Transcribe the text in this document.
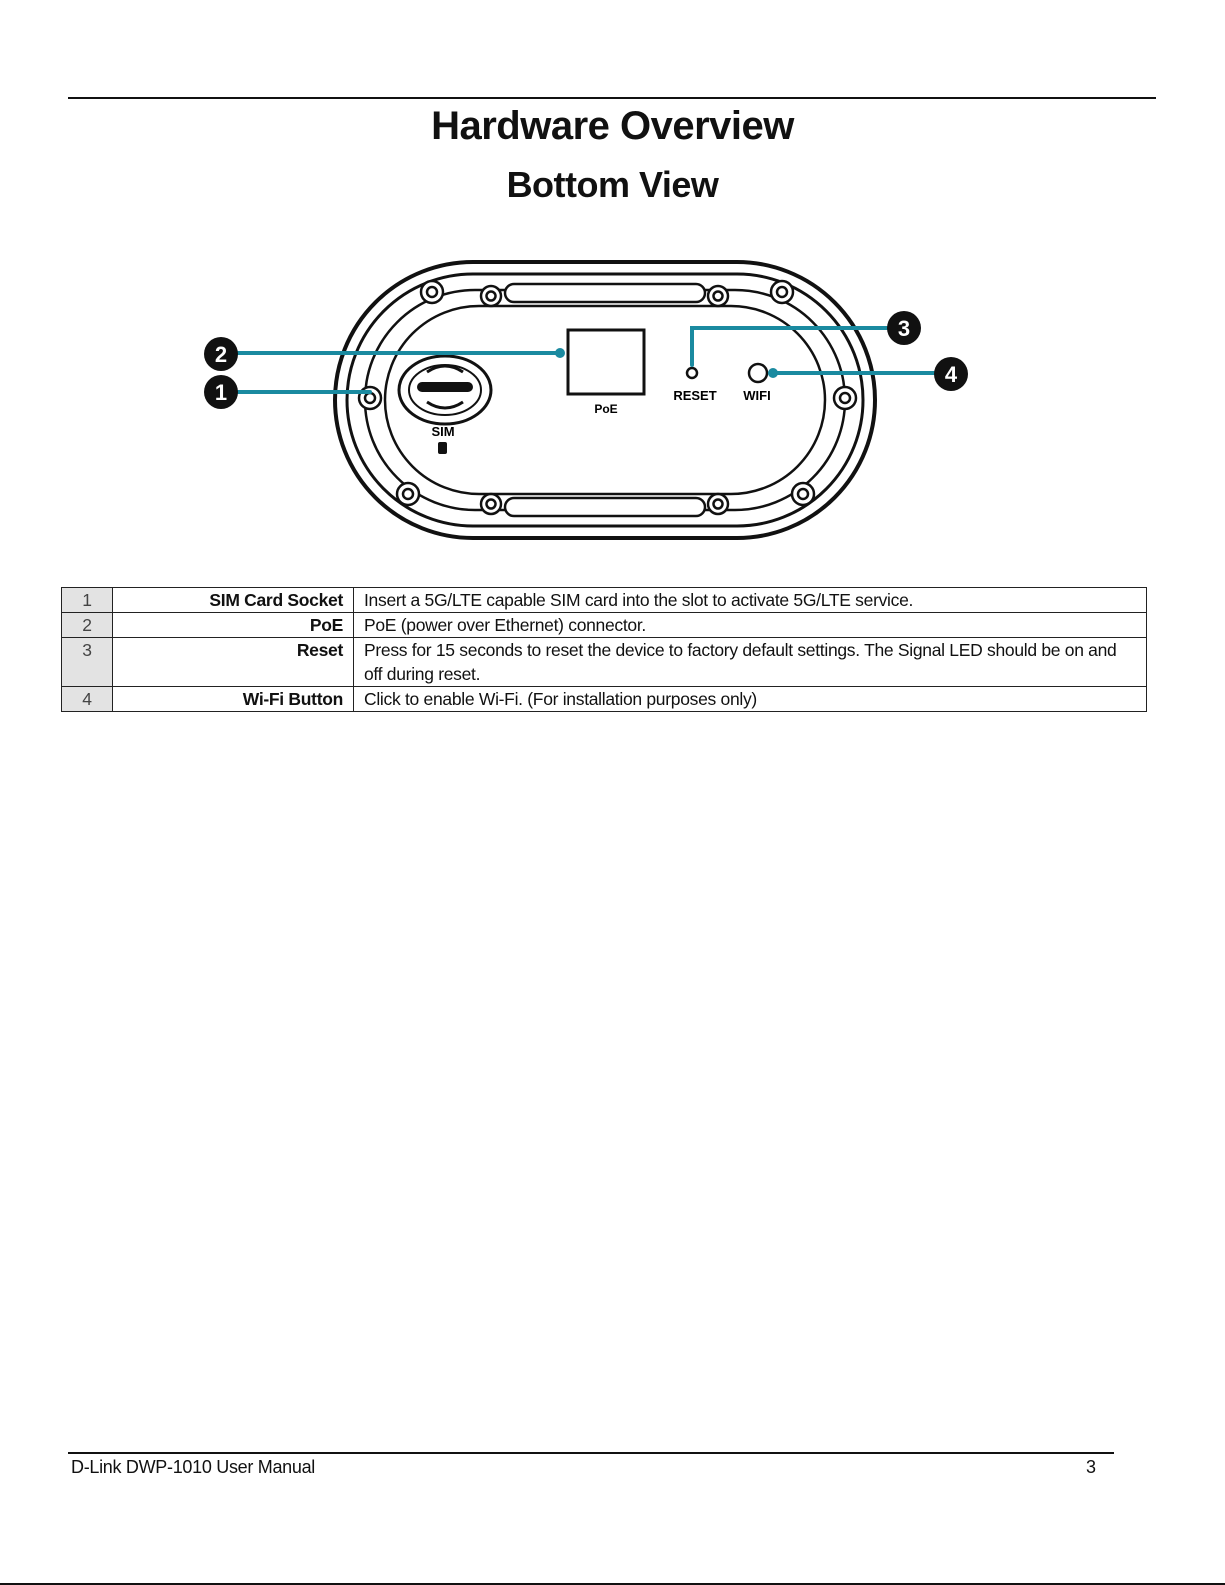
Hardware Overview
Bottom View
SIM
PoE
RESET WIFI
1
2
3
4
1	SIM Card Socket	Insert a 5G/LTE capable SIM card into the slot to activate 5G/LTE service.
2	PoE	PoE (power over Ethernet) connector.
3	Reset	Press for 15 seconds to reset the device to factory default settings. The Signal LED should be on and off during reset.
4	Wi-Fi Button	Click to enable Wi-Fi. (For installation purposes only)
D-Link DWP-1010 User Manual	3
